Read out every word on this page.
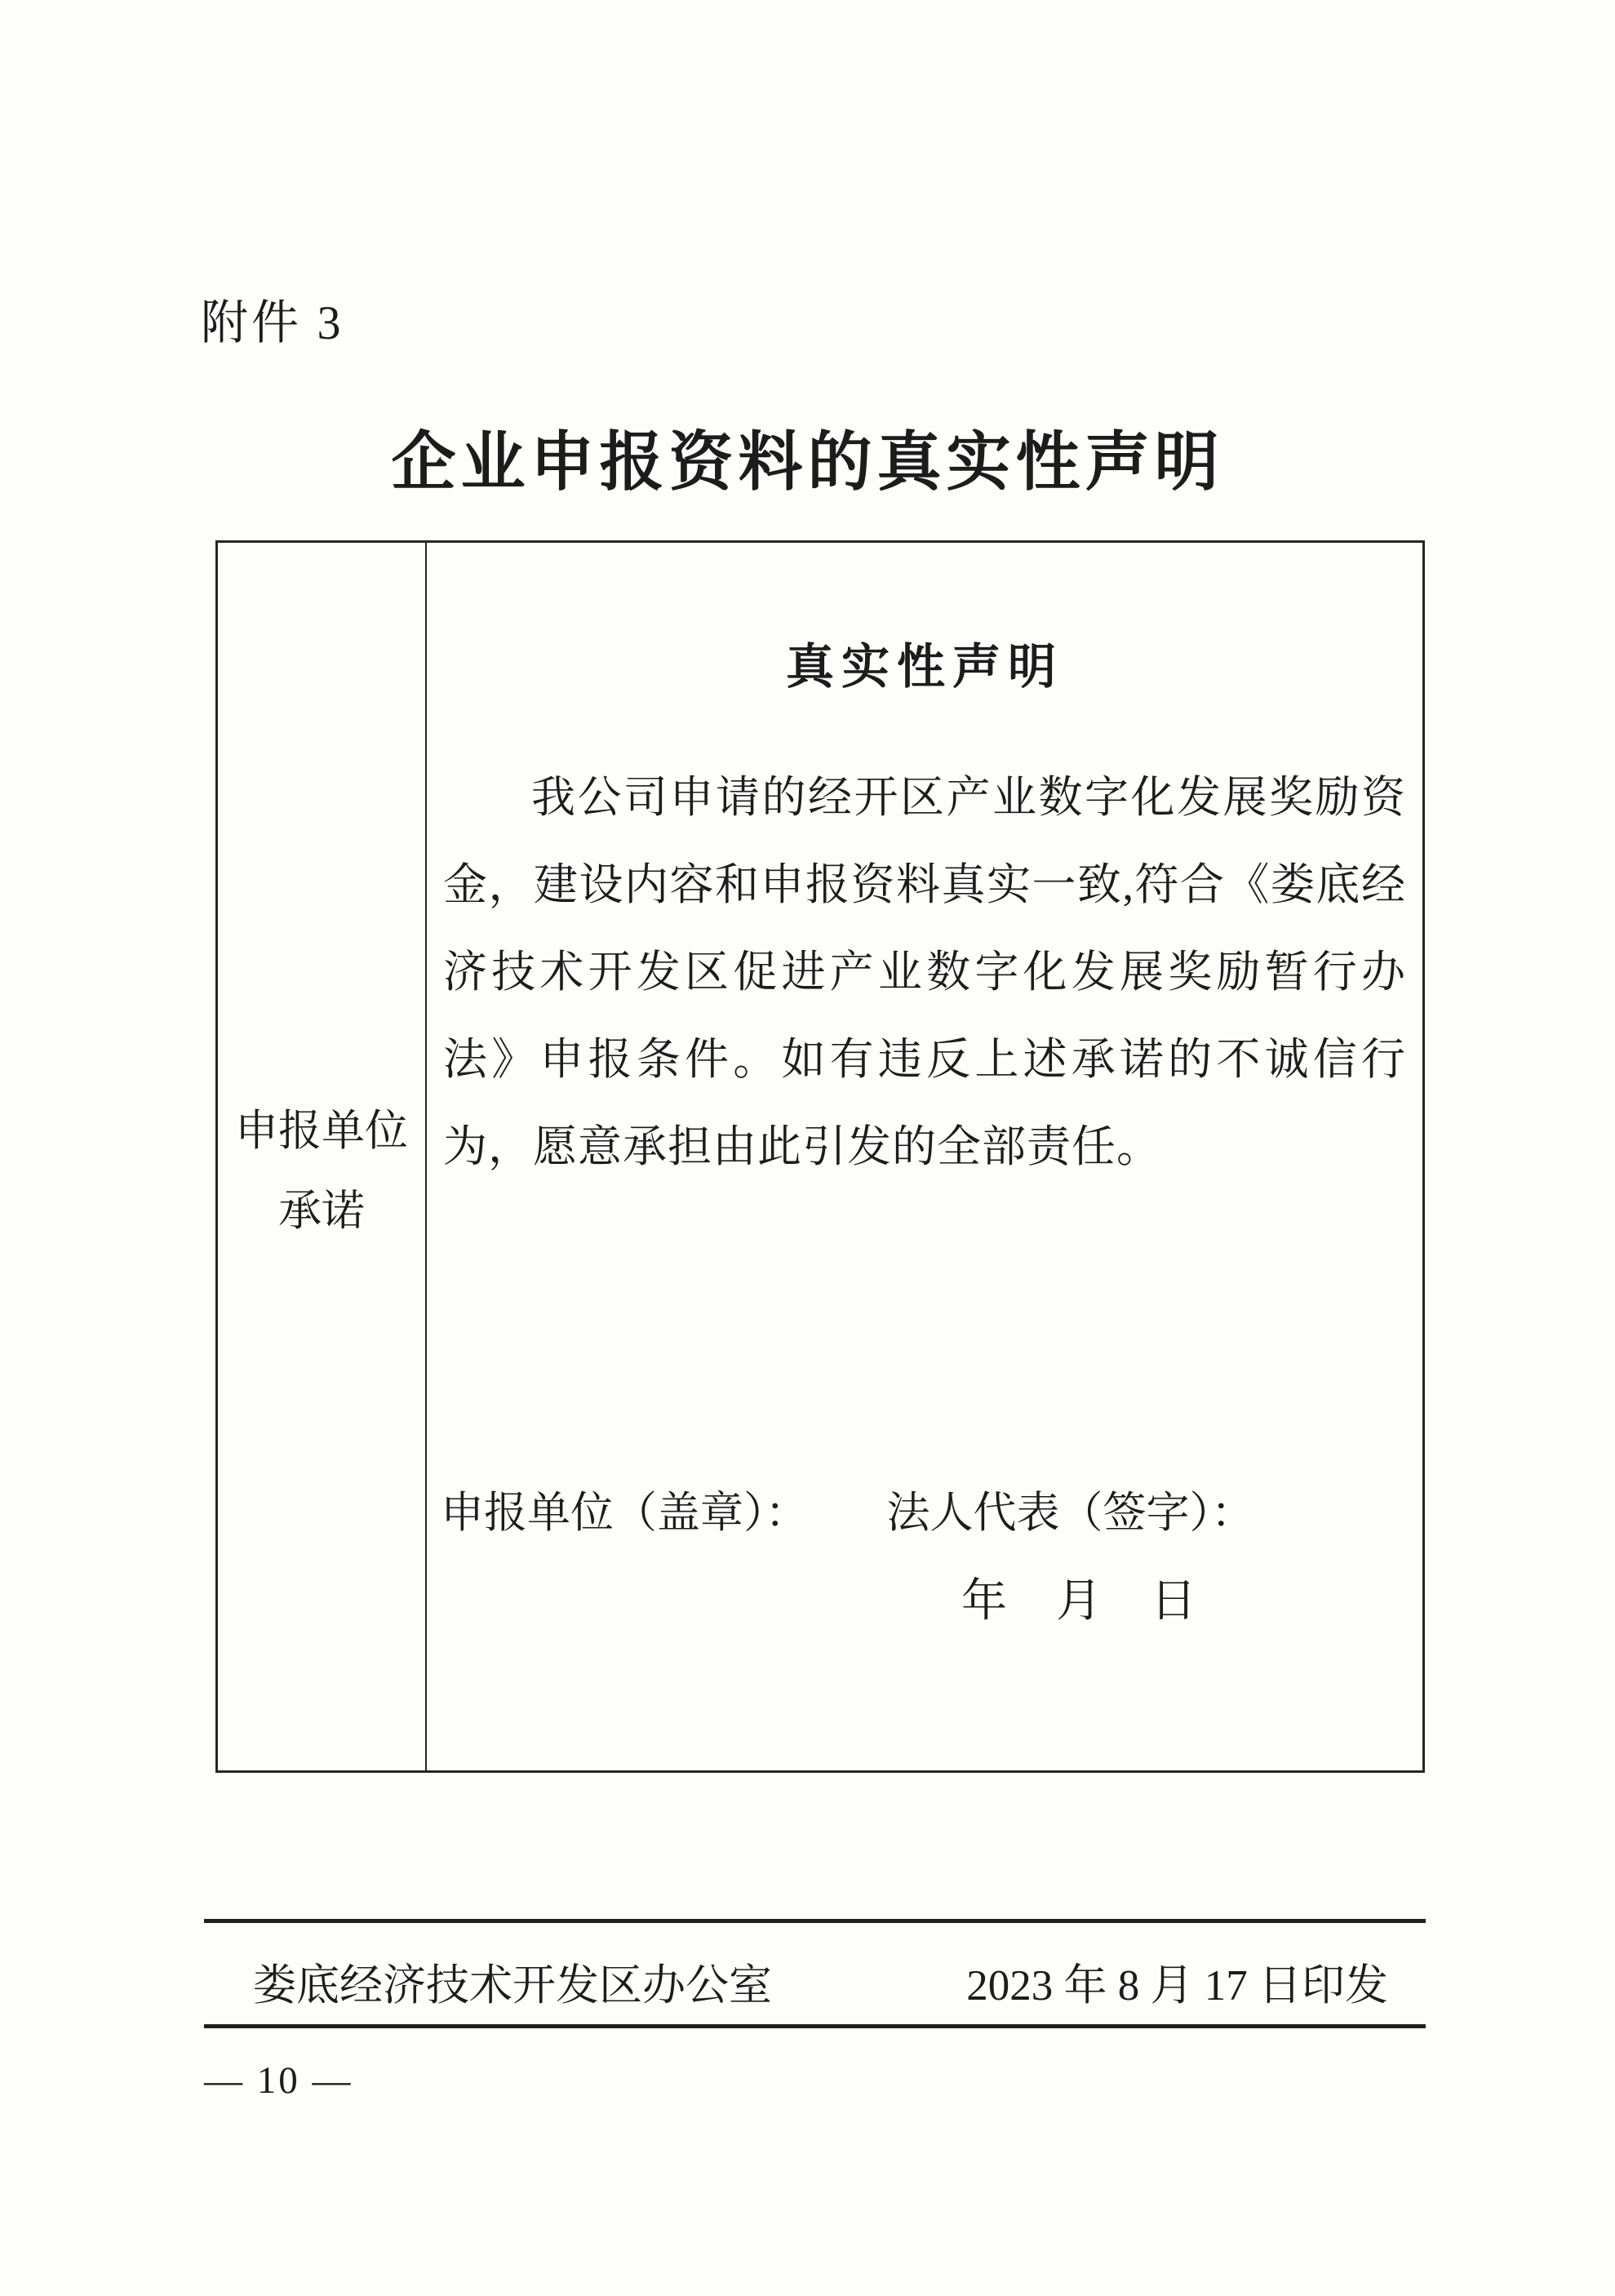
附件 3
企业申报资料的真实性声明
申报单位
承诺
真实性声明

我公司申请的经开区产业数字化发展奖励资金，建设内容和申报资料真实一致,符合《娄底经济技术开发区促进产业数字化发展奖励暂行办法》申报条件。如有违反上述承诺的不诚信行为，愿意承担由此引发的全部责任。

申报单位（盖章）： 法人代表（签字）：
年　月　日
娄底经济技术开发区办公室	2023 年 8 月 17 日印发
— 10 —
